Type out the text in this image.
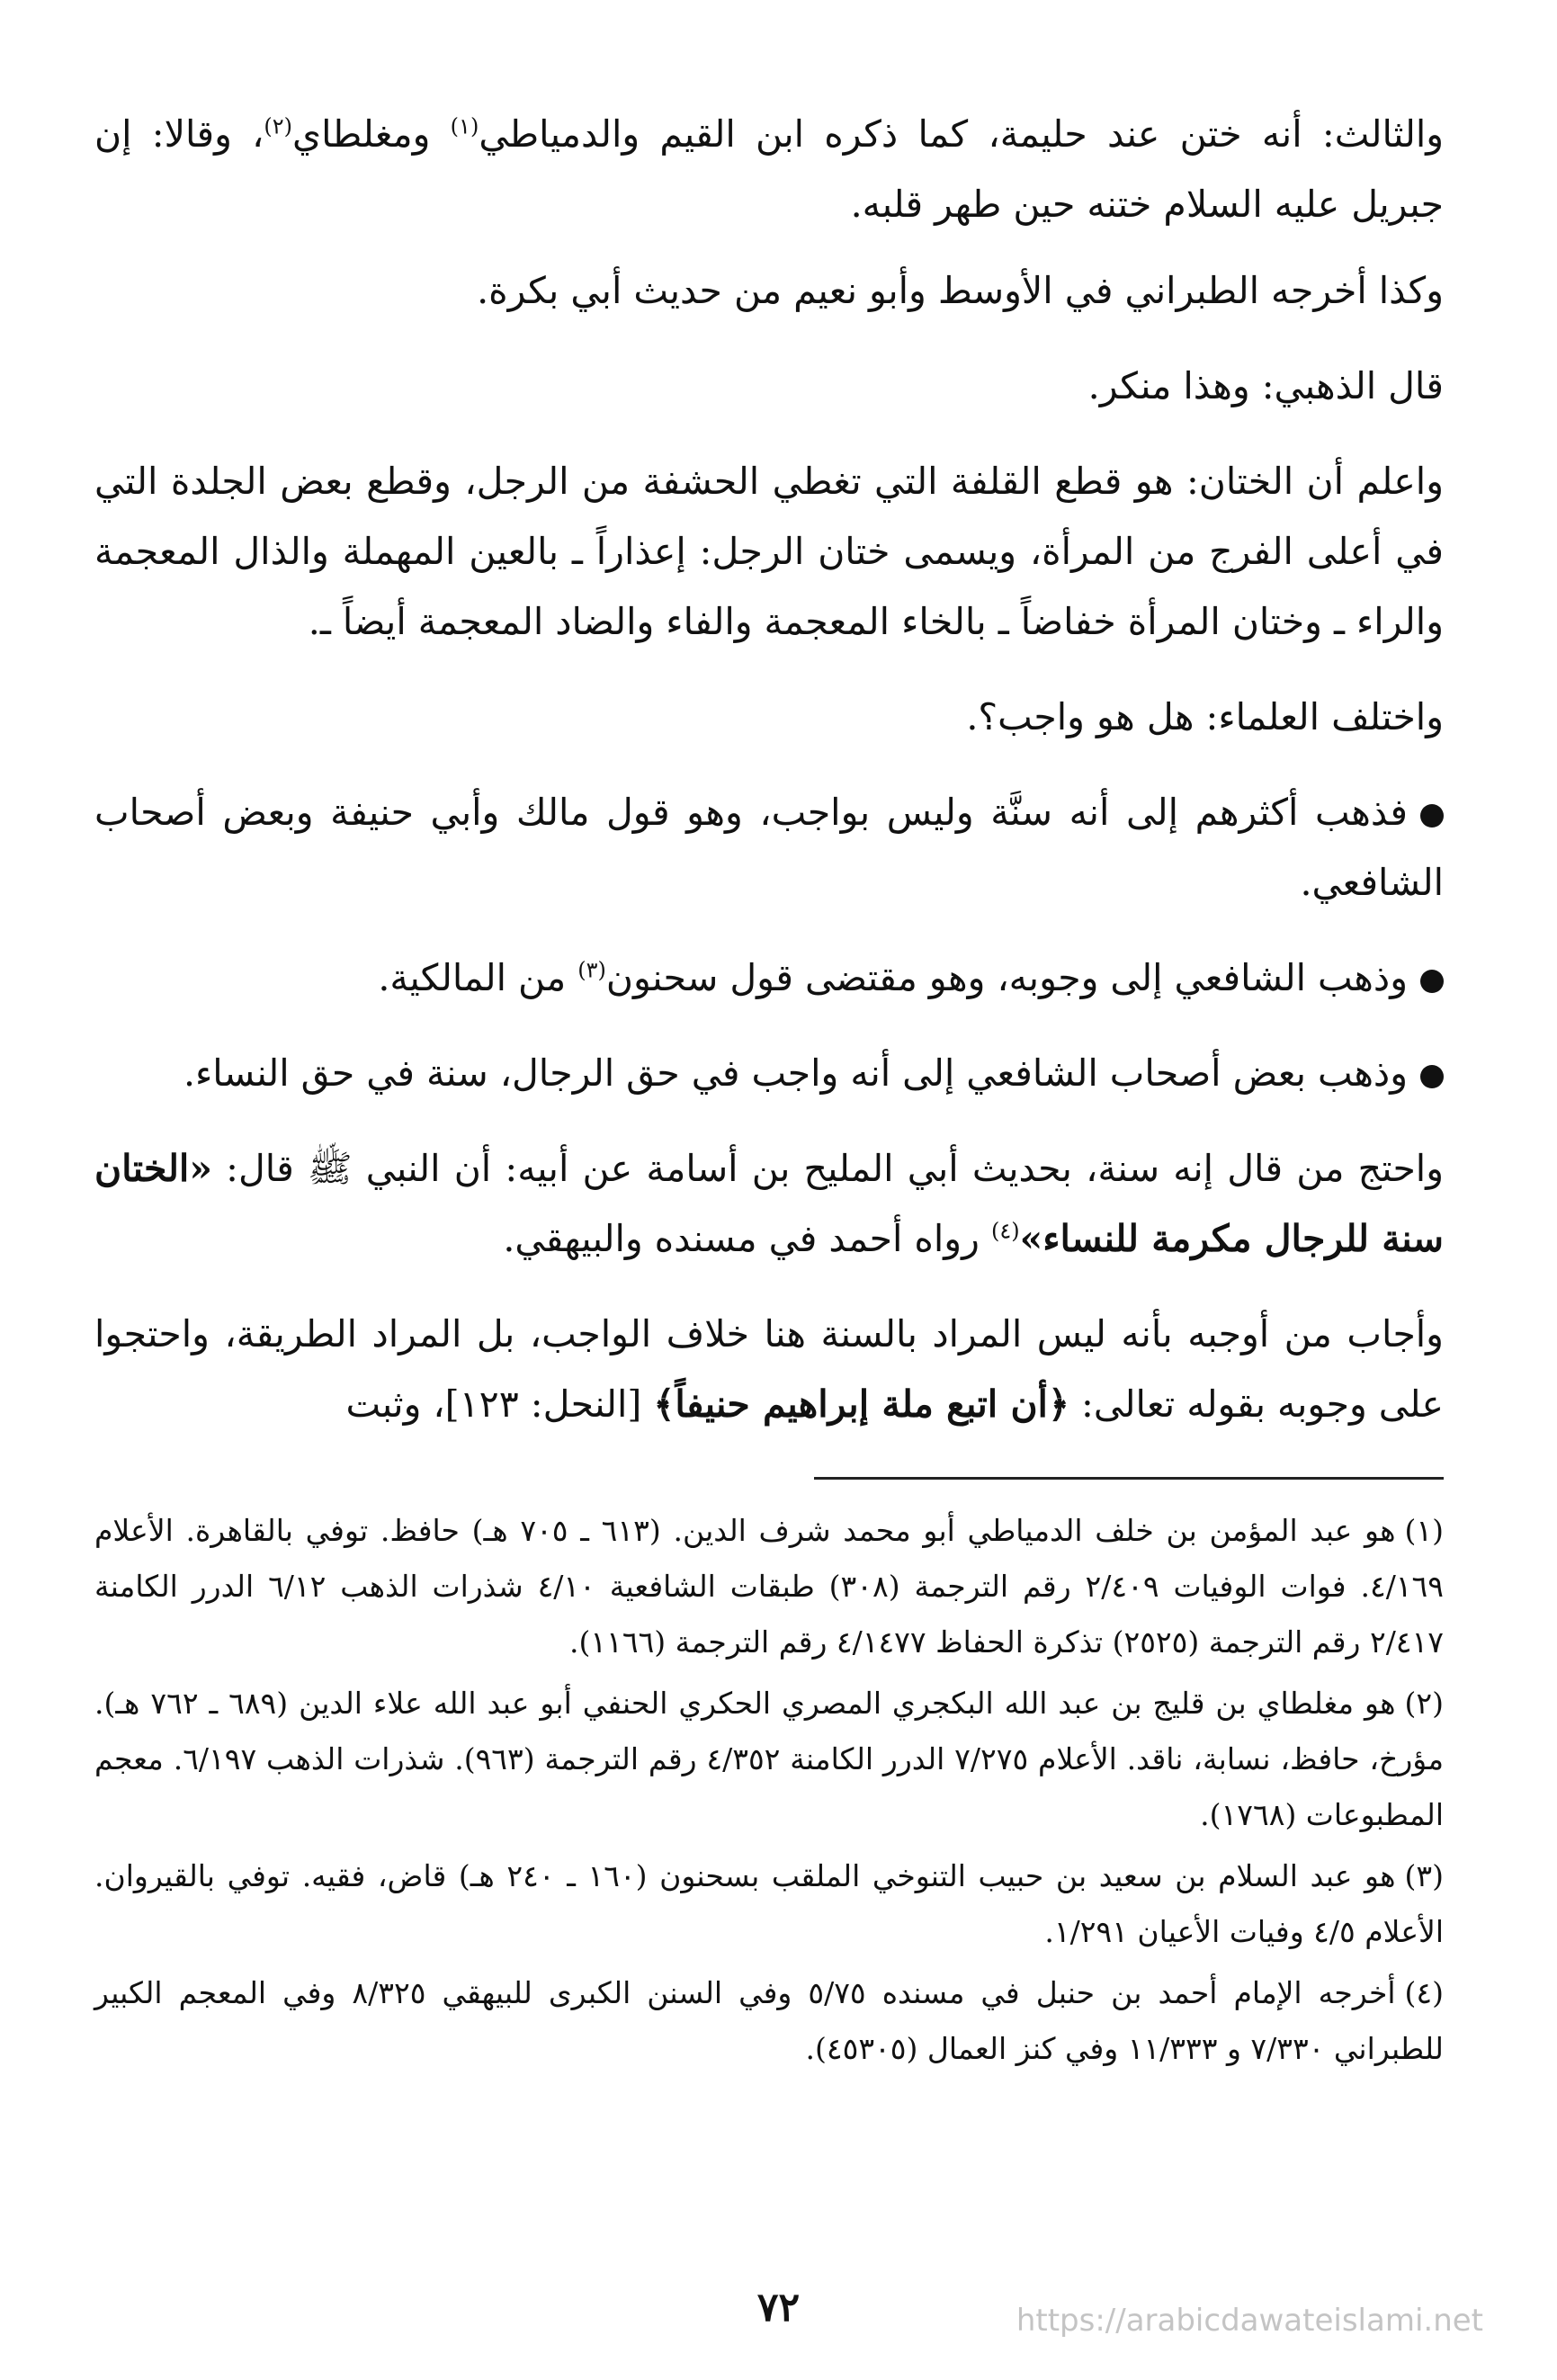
والثالث: أنه ختن عند حليمة، كما ذكره ابن القيم والدمياطي$^{(١)}$ ومغلطاي$^{(٢)}$، وقالا: إن جبريل عليه السلام ختنه حين طهر قلبه.

وكذا أخرجه الطبراني في الأوسط وأبو نعيم من حديث أبي بكرة.

قال الذهبي: وهذا منكر.

واعلم أن الختان: هو قطع القلفة التي تغطي الحشفة من الرجل، وقطع بعض الجلدة التي في أعلى الفرج من المرأة، ويسمى ختان الرجل: إعذاراً ـ بالعين المهملة والذال المعجمة والراء ـ وختان المرأة خفاضاً ـ بالخاء المعجمة والفاء والضاد المعجمة أيضاً ـ.

واختلف العلماء: هل هو واجب؟.

فذهب أكثرهم إلى أنه سنَّة وليس بواجب، وهو قول مالك وأبي حنيفة وبعض أصحاب الشافعي.

وذهب الشافعي إلى وجوبه، وهو مقتضى قول سحنون$^{(٣)}$ من المالكية.

وذهب بعض أصحاب الشافعي إلى أنه واجب في حق الرجال، سنة في حق النساء.

واحتج من قال إنه سنة، بحديث أبي المليح بن أسامة عن أبيه: أن النبي ﷺ قال: «الختان سنة للرجال مكرمة للنساء»$^{(٤)}$ رواه أحمد في مسنده والبيهقي.

وأجاب من أوجبه بأنه ليس المراد بالسنة هنا خلاف الواجب، بل المراد الطريقة، واحتجوا على وجوبه بقوله تعالى: ﴿أن اتبع ملة إبراهيم حنيفاً﴾ [النحل: ١٢٣]، وثبت

(١)هو عبد المؤمن بن خلف الدمياطي أبو محمد شرف الدين. (٦١٣ ـ ٧٠٥ هـ) حافظ. توفي بالقاهرة. الأعلام ٤/١٦٩. فوات الوفيات ٢/٤٠٩ رقم الترجمة (٣٠٨) طبقات الشافعية ٤/١٠ شذرات الذهب ٦/١٢ الدرر الكامنة ٢/٤١٧ رقم الترجمة (٢٥٢٥) تذكرة الحفاظ ٤/١٤٧٧ رقم الترجمة (١١٦٦).

(٢)هو مغلطاي بن قليج بن عبد الله البكجري المصري الحكري الحنفي أبو عبد الله علاء الدين (٦٨٩ ـ ٧٦٢ هـ). مؤرخ، حافظ، نسابة، ناقد. الأعلام ٧/٢٧٥ الدرر الكامنة ٤/٣٥٢ رقم الترجمة (٩٦٣). شذرات الذهب ٦/١٩٧. معجم المطبوعات (١٧٦٨).

(٣)هو عبد السلام بن سعيد بن حبيب التنوخي الملقب بسحنون (١٦٠ ـ ٢٤٠ هـ) قاض، فقيه. توفي بالقيروان. الأعلام ٤/٥ وفيات الأعيان ١/٢٩١.

(٤)أخرجه الإمام أحمد بن حنبل في مسنده ٥/٧٥ وفي السنن الكبرى للبيهقي ٨/٣٢٥ وفي المعجم الكبير للطبراني ٧/٣٣٠ و ١١/٣٣٣ وفي كنز العمال (٤٥٣٠٥).

٧٢	https://arabicdawateislami.net
